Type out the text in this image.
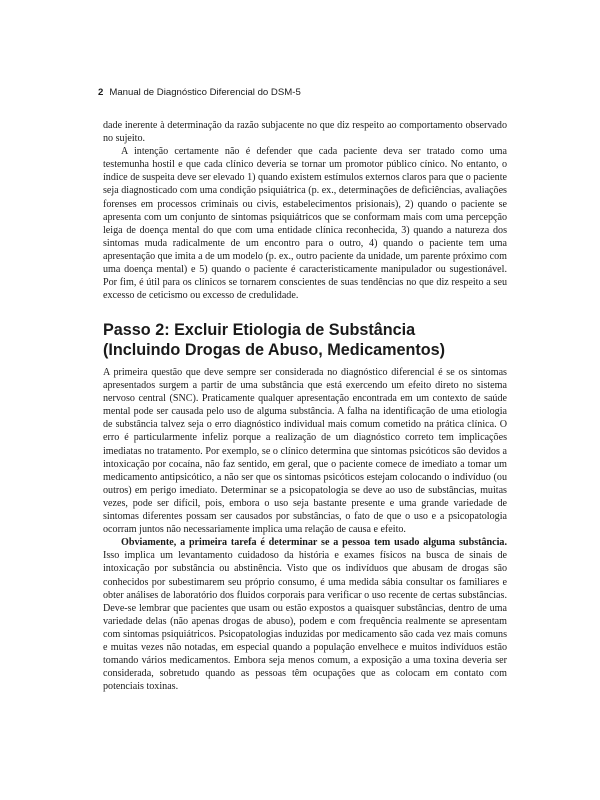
2 Manual de Diagnóstico Diferencial do DSM-5

dade inerente à determinação da razão subjacente no que diz respeito ao comportamento observado no sujeito.

A intenção certamente não é defender que cada paciente deva ser tratado como uma testemunha hostil e que cada clínico deveria se tornar um promotor público cínico. No entanto, o índice de suspeita deve ser elevado 1) quando existem estímulos externos claros para que o paciente seja diagnosticado com uma condição psiquiátrica (p. ex., determinações de deficiências, avaliações forenses em processos criminais ou civis, estabelecimentos prisionais), 2) quando o paciente se apresenta com um conjunto de sintomas psiquiátricos que se conformam mais com uma percepção leiga de doença mental do que com uma entidade clínica reconhecida, 3) quando a natureza dos sintomas muda radicalmente de um encontro para o outro, 4) quando o paciente tem uma apresentação que imita a de um modelo (p. ex., outro paciente da unidade, um parente próximo com uma doença mental) e 5) quando o paciente é caracteristicamente manipulador ou sugestionável. Por fim, é útil para os clínicos se tornarem conscientes de suas tendências no que diz respeito a seu excesso de ceticismo ou excesso de credulidade.

Passo 2: Excluir Etiologia de Substância
(Incluindo Drogas de Abuso, Medicamentos)

A primeira questão que deve sempre ser considerada no diagnóstico diferencial é se os sintomas apresentados surgem a partir de uma substância que está exercendo um efeito direto no sistema nervoso central (SNC). Praticamente qualquer apresentação encontrada em um contexto de saúde mental pode ser causada pelo uso de alguma substância. A falha na identificação de uma etiologia de substância talvez seja o erro diagnóstico individual mais comum cometido na prática clínica. O erro é particularmente infeliz porque a realização de um diagnóstico correto tem implicações imediatas no tratamento. Por exemplo, se o clínico determina que sintomas psicóticos são devidos a intoxicação por cocaína, não faz sentido, em geral, que o paciente comece de imediato a tomar um medicamento antipsicótico, a não ser que os sintomas psicóticos estejam colocando o indivíduo (ou outros) em perigo imediato. Determinar se a psicopatologia se deve ao uso de substâncias, muitas vezes, pode ser difícil, pois, embora o uso seja bastante presente e uma grande variedade de sintomas diferentes possam ser causados por substâncias, o fato de que o uso e a psicopatologia ocorram juntos não necessariamente implica uma relação de causa e efeito.

Obviamente, a primeira tarefa é determinar se a pessoa tem usado alguma substância. Isso implica um levantamento cuidadoso da história e exames físicos na busca de sinais de intoxicação por substância ou abstinência. Visto que os indivíduos que abusam de drogas são conhecidos por subestimarem seu próprio consumo, é uma medida sábia consultar os familiares e obter análises de laboratório dos fluidos corporais para verificar o uso recente de certas substâncias. Deve-se lembrar que pacientes que usam ou estão expostos a quaisquer substâncias, dentro de uma variedade delas (não apenas drogas de abuso), podem e com frequência realmente se apresentam com sintomas psiquiátricos. Psicopatologias induzidas por medicamento são cada vez mais comuns e muitas vezes não notadas, em especial quando a população envelhece e muitos indivíduos estão tomando vários medicamentos. Embora seja menos comum, a exposição a uma toxina deveria ser considerada, sobretudo quando as pessoas têm ocupações que as colocam em contato com potenciais toxinas.
